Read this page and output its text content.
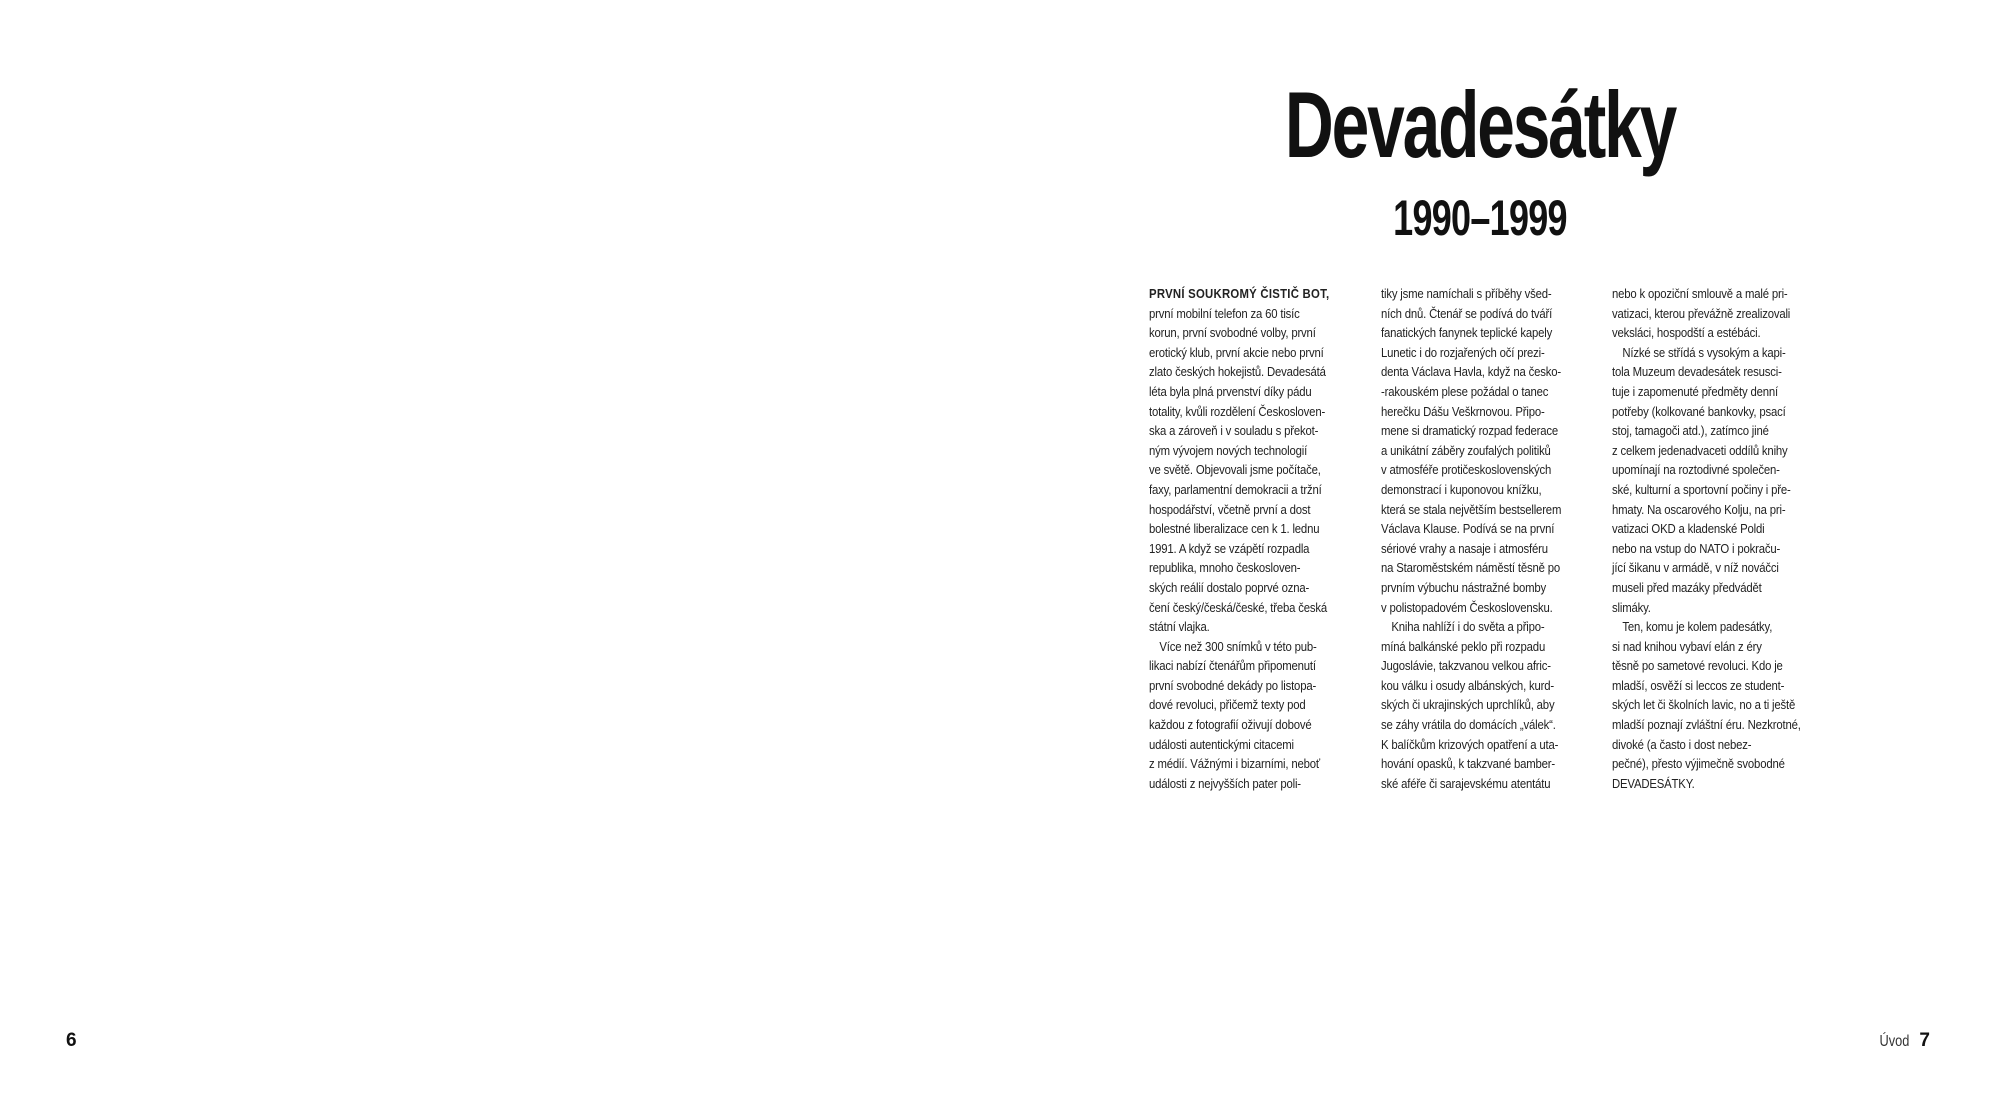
Devadesátky
1990–1999
PRVNÍ SOUKROMÝ ČISTIČ BOT,
první mobilní telefon za 60 tisíc
korun, první svobodné volby, první
erotický klub, první akcie nebo první
zlato českých hokejistů. Devadesátá
léta byla plná prvenství díky pádu
totality, kvůli rozdělení Českosloven-
ska a zároveň i v souladu s překot-
ným vývojem nových technologií
ve světě. Objevovali jsme počítače,
faxy, parlamentní demokracii a tržní
hospodářství, včetně první a dost
bolestné liberalizace cen k 1. lednu
1991. A když se vzápětí rozpadla
republika, mnoho českosloven-
ských reálií dostalo poprvé ozna-
čení český/česká/české, třeba česká
státní vlajka.
Více než 300 snímků v této pub-
likaci nabízí čtenářům připomenutí
první svobodné dekády po listopa-
dové revoluci, přičemž texty pod
každou z fotografií oživují dobové
události autentickými citacemi
z médií. Vážnými i bizarními, neboť
události z nejvyšších pater poli-
tiky jsme namíchali s příběhy všed-
ních dnů. Čtenář se podívá do tváří
fanatických fanynek teplické kapely
Lunetic i do rozjařených očí prezi-
denta Václava Havla, když na česko-
-rakouském plese požádal o tanec
herečku Dášu Veškrnovou. Připo-
mene si dramatický rozpad federace
a unikátní záběry zoufalých politiků
v atmosféře protičeskoslovenských
demonstrací i kuponovou knížku,
která se stala největším bestsellerem
Václava Klause. Podívá se na první
sériové vrahy a nasaje i atmosféru
na Staroměstském náměstí těsně po
prvním výbuchu nástražné bomby
v polistopadovém Československu.
Kniha nahlíží i do světa a připo-
míná balkánské peklo při rozpadu
Jugoslávie, takzvanou velkou afric-
kou válku i osudy albánských, kurd-
ských či ukrajinských uprchlíků, aby
se záhy vrátila do domácích „válek“.
K balíčkům krizových opatření a uta-
hování opasků, k takzvané bamber-
ské aféře či sarajevskému atentátu
nebo k opoziční smlouvě a malé pri-
vatizaci, kterou převážně zrealizovali
veksláci, hospodští a estébáci.
Nízké se střídá s vysokým a kapi-
tola Muzeum devadesátek resusci-
tuje i zapomenuté předměty denní
potřeby (kolkované bankovky, psací
stoj, tamagoči atd.), zatímco jiné
z celkem jedenadvaceti oddílů knihy
upomínají na roztodivné společen-
ské, kulturní a sportovní počiny i pře-
hmaty. Na oscarového Kolju, na pri-
vatizaci OKD a kladenské Poldi
nebo na vstup do NATO i pokraču-
jící šikanu v armádě, v níž nováčci
museli před mazáky předvádět
slimáky.
Ten, komu je kolem padesátky,
si nad knihou vybaví elán z éry
těsně po sametové revoluci. Kdo je
mladší, osvěží si leccos ze student-
ských let či školních lavic, no a ti ještě
mladší poznají zvláštní éru. Nezkrotné,
divoké (a často i dost nebez-
pečné), přesto výjimečně svobodné
DEVADESÁTKY.
6	Úvod 7
